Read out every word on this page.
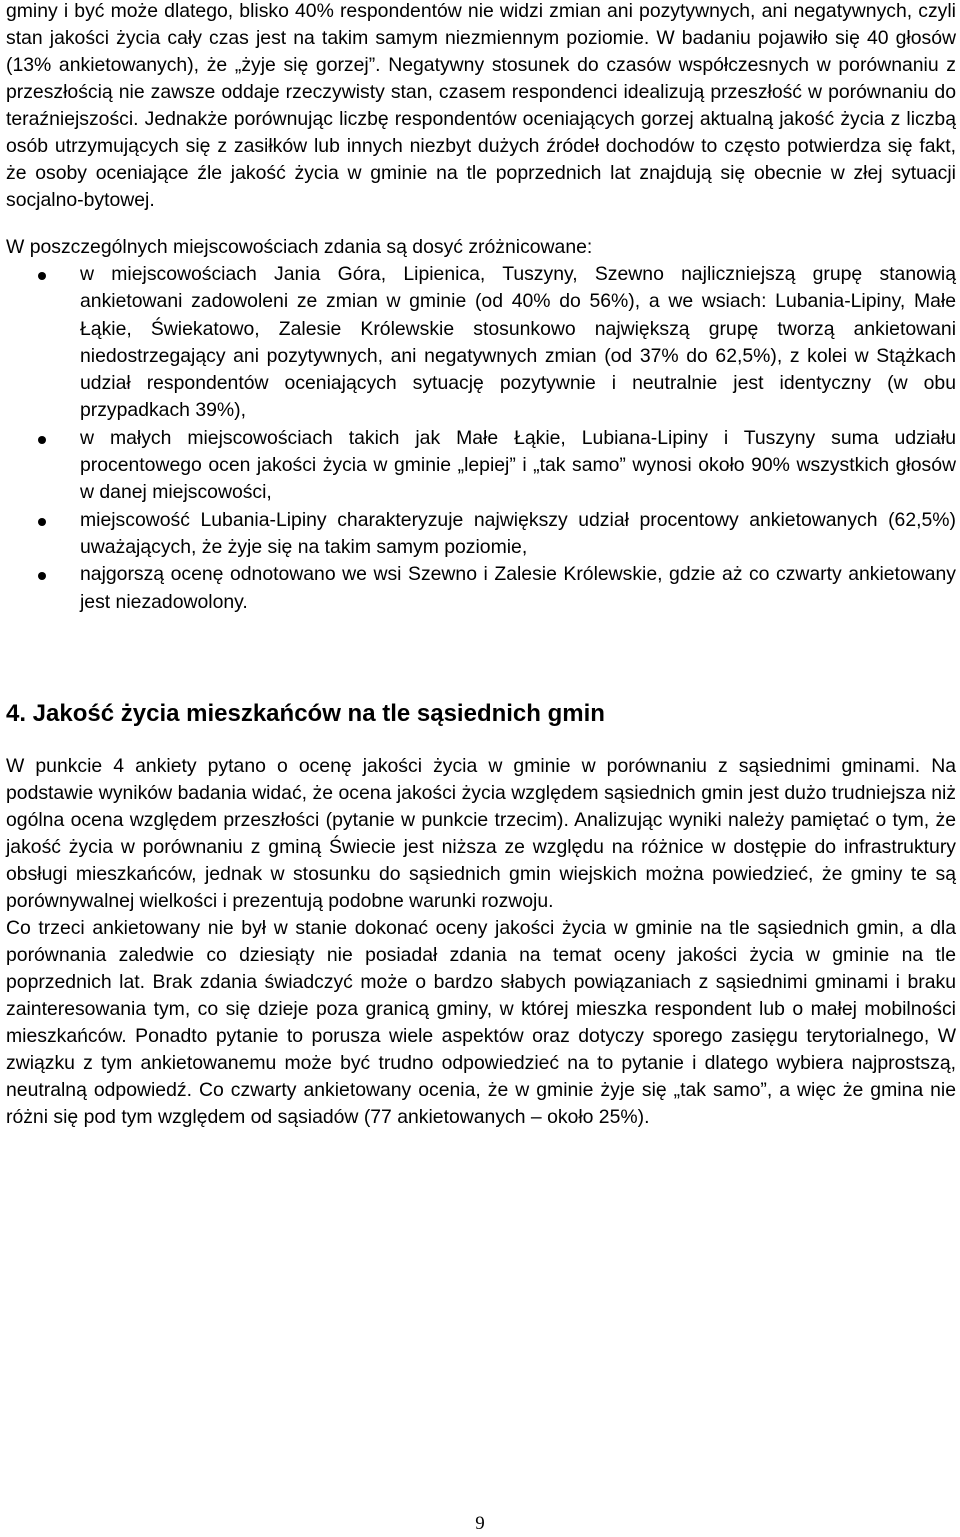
gminy i być może dlatego, blisko 40% respondentów nie widzi zmian ani pozytywnych, ani negatywnych, czyli stan jakości życia cały czas jest na takim samym niezmiennym poziomie. W badaniu pojawiło się 40 głosów (13% ankietowanych), że „żyje się gorzej”. Negatywny stosunek do czasów współczesnych w porównaniu z przeszłością nie zawsze oddaje rzeczywisty stan, czasem respondenci idealizują przeszłość w porównaniu do teraźniejszości. Jednakże porównując liczbę respondentów oceniających gorzej aktualną jakość życia z liczbą osób utrzymujących się z zasiłków lub innych niezbyt dużych źródeł dochodów to często potwierdza się fakt, że osoby oceniające źle jakość życia w gminie na tle poprzednich lat znajdują się obecnie w złej sytuacji socjalno-bytowej.

W poszczególnych miejscowościach zdania są dosyć zróżnicowane:

w miejscowościach Jania Góra, Lipienica, Tuszyny, Szewno najliczniejszą grupę stanowią ankietowani zadowoleni ze zmian w gminie (od 40% do 56%), a we wsiach: Lubania-Lipiny, Małe Łąkie, Świekatowo, Zalesie Królewskie stosunkowo największą grupę tworzą ankietowani niedostrzegający ani pozytywnych, ani negatywnych zmian (od 37% do 62,5%), z kolei w Stążkach udział respondentów oceniających sytuację pozytywnie i neutralnie jest identyczny (w obu przypadkach 39%),
w małych miejscowościach takich jak Małe Łąkie, Lubiana-Lipiny i Tuszyny suma udziału procentowego ocen jakości życia w gminie „lepiej” i „tak samo” wynosi około 90% wszystkich głosów w danej miejscowości,
miejscowość Lubania-Lipiny charakteryzuje największy udział procentowy ankietowanych (62,5%) uważających, że żyje się na takim samym poziomie,
najgorszą ocenę odnotowano we wsi Szewno i Zalesie Królewskie, gdzie aż co czwarty ankietowany jest niezadowolony.
4. Jakość życia mieszkańców na tle sąsiednich gmin

W punkcie 4 ankiety pytano o ocenę jakości życia w gminie w porównaniu z sąsiednimi gminami. Na podstawie wyników badania widać, że ocena jakości życia względem sąsiednich gmin jest dużo trudniejsza niż ogólna ocena względem przeszłości (pytanie w punkcie trzecim). Analizując wyniki należy pamiętać o tym, że jakość życia w porównaniu z gminą Świecie jest niższa ze względu na różnice w dostępie do infrastruktury obsługi mieszkańców, jednak w stosunku do sąsiednich gmin wiejskich można powiedzieć, że gminy te są porównywalnej wielkości i prezentują podobne warunki rozwoju.

Co trzeci ankietowany nie był w stanie dokonać oceny jakości życia w gminie na tle sąsiednich gmin, a dla porównania zaledwie co dziesiąty nie posiadał zdania na temat oceny jakości życia w gminie na tle poprzednich lat. Brak zdania świadczyć może o bardzo słabych powiązaniach z sąsiednimi gminami i braku zainteresowania tym, co się dzieje poza granicą gminy, w której mieszka respondent lub o małej mobilności mieszkańców. Ponadto pytanie to porusza wiele aspektów oraz dotyczy sporego zasięgu terytorialnego, W związku z tym ankietowanemu może być trudno odpowiedzieć na to pytanie i dlatego wybiera najprostszą, neutralną odpowiedź. Co czwarty ankietowany ocenia, że w gminie żyje się „tak samo”, a więc że gmina nie różni się pod tym względem od sąsiadów (77 ankietowanych – około 25%).

9
